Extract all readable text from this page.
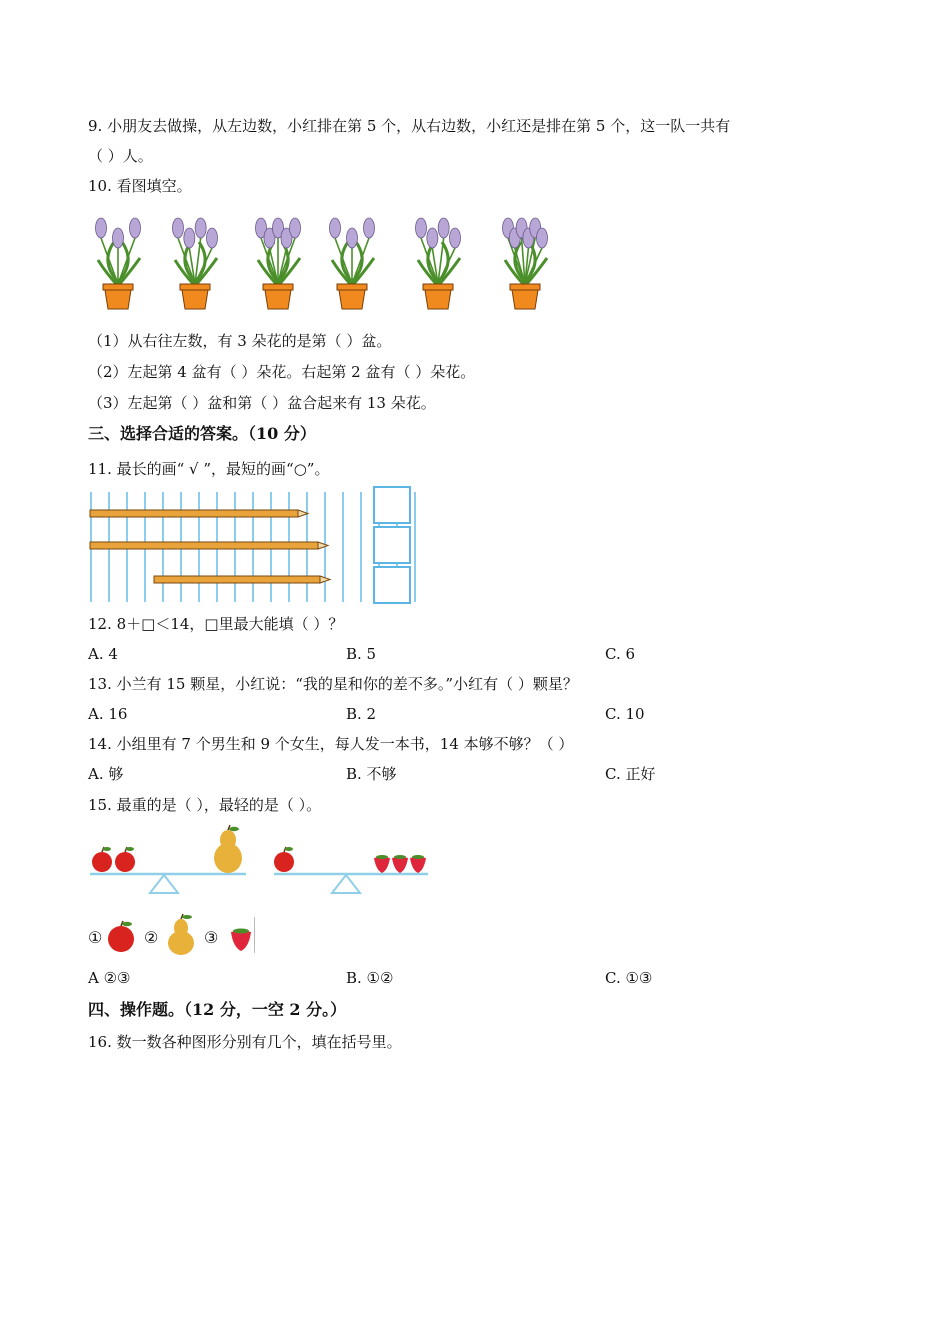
9. 小朋友去做操，从左边数，小红排在第 5 个，从右边数，小红还是排在第 5 个，这一队一共有
（ ）人。
10. 看图填空。
（1）从右往左数，有 3 朵花的是第（ ）盆。
（2）左起第 4 盆有（ ）朵花。右起第 2 盆有（ ）朵花。
（3）左起第（ ）盆和第（ ）盆合起来有 13 朵花。
三、选择合适的答案。（10 分）
11. 最长的画“ √ ”，最短的画“○”。
12. 8＋□＜14，□里最大能填（ ）？
A. 4	B. 5	C. 6
13. 小兰有 15 颗星，小红说：“我的星和你的差不多。”小红有（ ）颗星？
A. 16	B. 2	C. 10
14. 小组里有 7 个男生和 9 个女生，每人发一本书，14 本够不够？（ ）
A. 够	B. 不够	C. 正好
15. 最重的是（ ），最轻的是（ ）。
①	②	③
A ②③	B. ①②	C. ①③
四、操作题。（12 分，一空 2 分。）
16. 数一数各种图形分别有几个，填在括号里。
